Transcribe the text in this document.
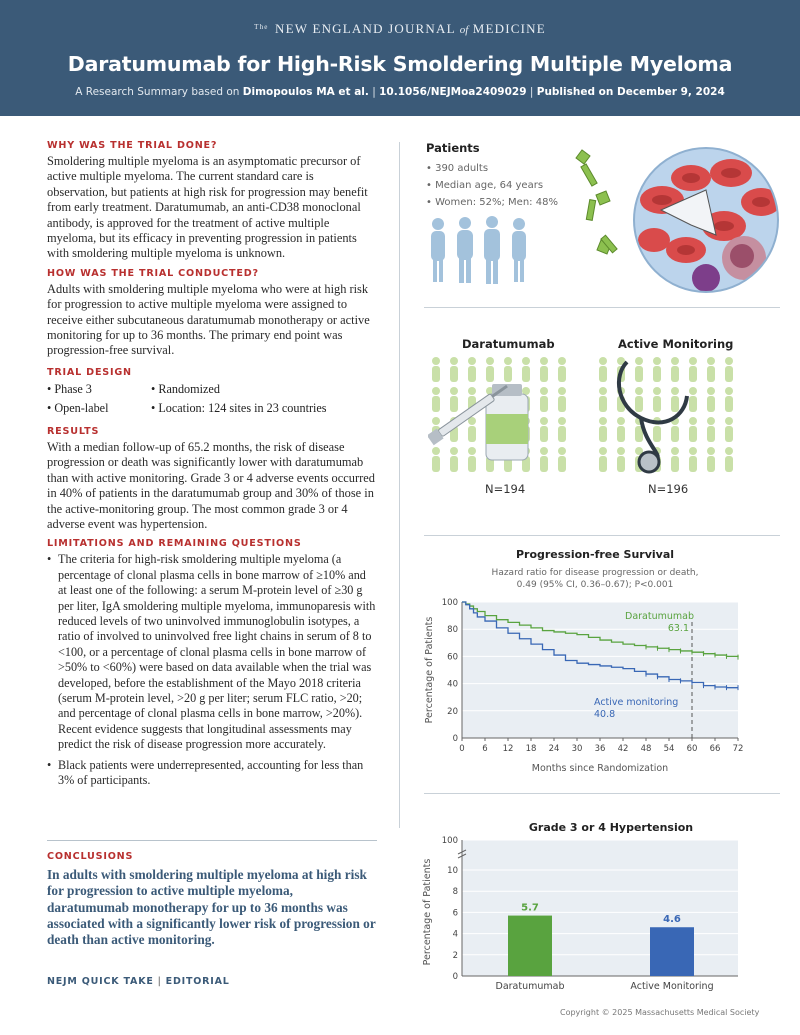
$^{The}$ NEW ENGLAND JOURNAL of MEDICINE
Daratumumab for High-Risk Smoldering Multiple Myeloma
A Research Summary based on Dimopoulos MA et al. | 10.1056/NEJMoa2409029 | Published on December 9, 2024

WHY WAS THE TRIAL DONE?

Smoldering multiple myeloma is an asymptomatic precursor of active multiple myeloma. The current standard care is observation, but patients at high risk for progression may benefit from early treatment. Daratumumab, an anti-CD38 monoclonal antibody, is approved for the treatment of active multiple myeloma, but its efficacy in preventing progression in patients with smoldering multiple myeloma is unknown.

HOW WAS THE TRIAL CONDUCTED?

Adults with smoldering multiple myeloma who were at high risk for progression to active multiple myeloma were assigned to receive either subcutaneous daratumumab monotherapy or active monitoring for up to 36 months. The primary end point was progression-free survival.

TRIAL DESIGN

• Phase 3	• Randomized
• Open-label	• Location: 124 sites in 23 countries

RESULTS

With a median follow-up of 65.2 months, the risk of disease progression or death was significantly lower with daratumumab than with active monitoring. Grade 3 or 4 adverse events occurred in 40% of patients in the daratumumab group and 30% of those in the active-monitoring group. The most common grade 3 or 4 adverse event was hypertension.

LIMITATIONS AND REMAINING QUESTIONS

• The criteria for high-risk smoldering multiple myeloma (a percentage of clonal plasma cells in bone marrow of ≥10% and at least one of the following: a serum M-protein level of ≥30 g per liter, IgA smoldering multiple myeloma, immunoparesis with reduced levels of two uninvolved immunoglobulin isotypes, a ratio of involved to uninvolved free light chains in serum of 8 to <100, or a percentage of clonal plasma cells in bone marrow of >50% to <60%) were based on data available when the trial was developed, before the establishment of the Mayo 2018 criteria (serum M-protein level, >20 g per liter; serum FLC ratio, >20; and percentage of clonal plasma cells in bone marrow, >20%). Recent evidence suggests that longitudinal assessments may predict the risk of disease progression more accurately.
• Black patients were underrepresented, accounting for less than 3% of participants.

CONCLUSIONS

In adults with smoldering multiple myeloma at high risk for progression to active multiple myeloma, daratumumab monotherapy for up to 36 months was associated with a significantly lower risk of progression or death than active monitoring.
NEJM QUICK TAKE | EDITORIAL
Patients
• 390 adults
• Median age, 64 years
• Women: 52%; Men: 48%
Daratumumab	Active Monitoring
N=194	N=196
Progression-free Survival
Hazard ratio for disease progression or death,
0.49 (95% CI, 0.36–0.67); P<0.001
0
20
40
60
80
100
0 6 12 18 24 30 36 42 48 54 60 66 72
Percentage of Patients
Months since Randomization
Daratumumab
63.1
Active monitoring
40.8
Grade 3 or 4 Hypertension
0
2
4
6
8
10
100
5.7
Daratumumab
4.6
Active Monitoring
Percentage of Patients
Copyright © 2025 Massachusetts Medical Society
